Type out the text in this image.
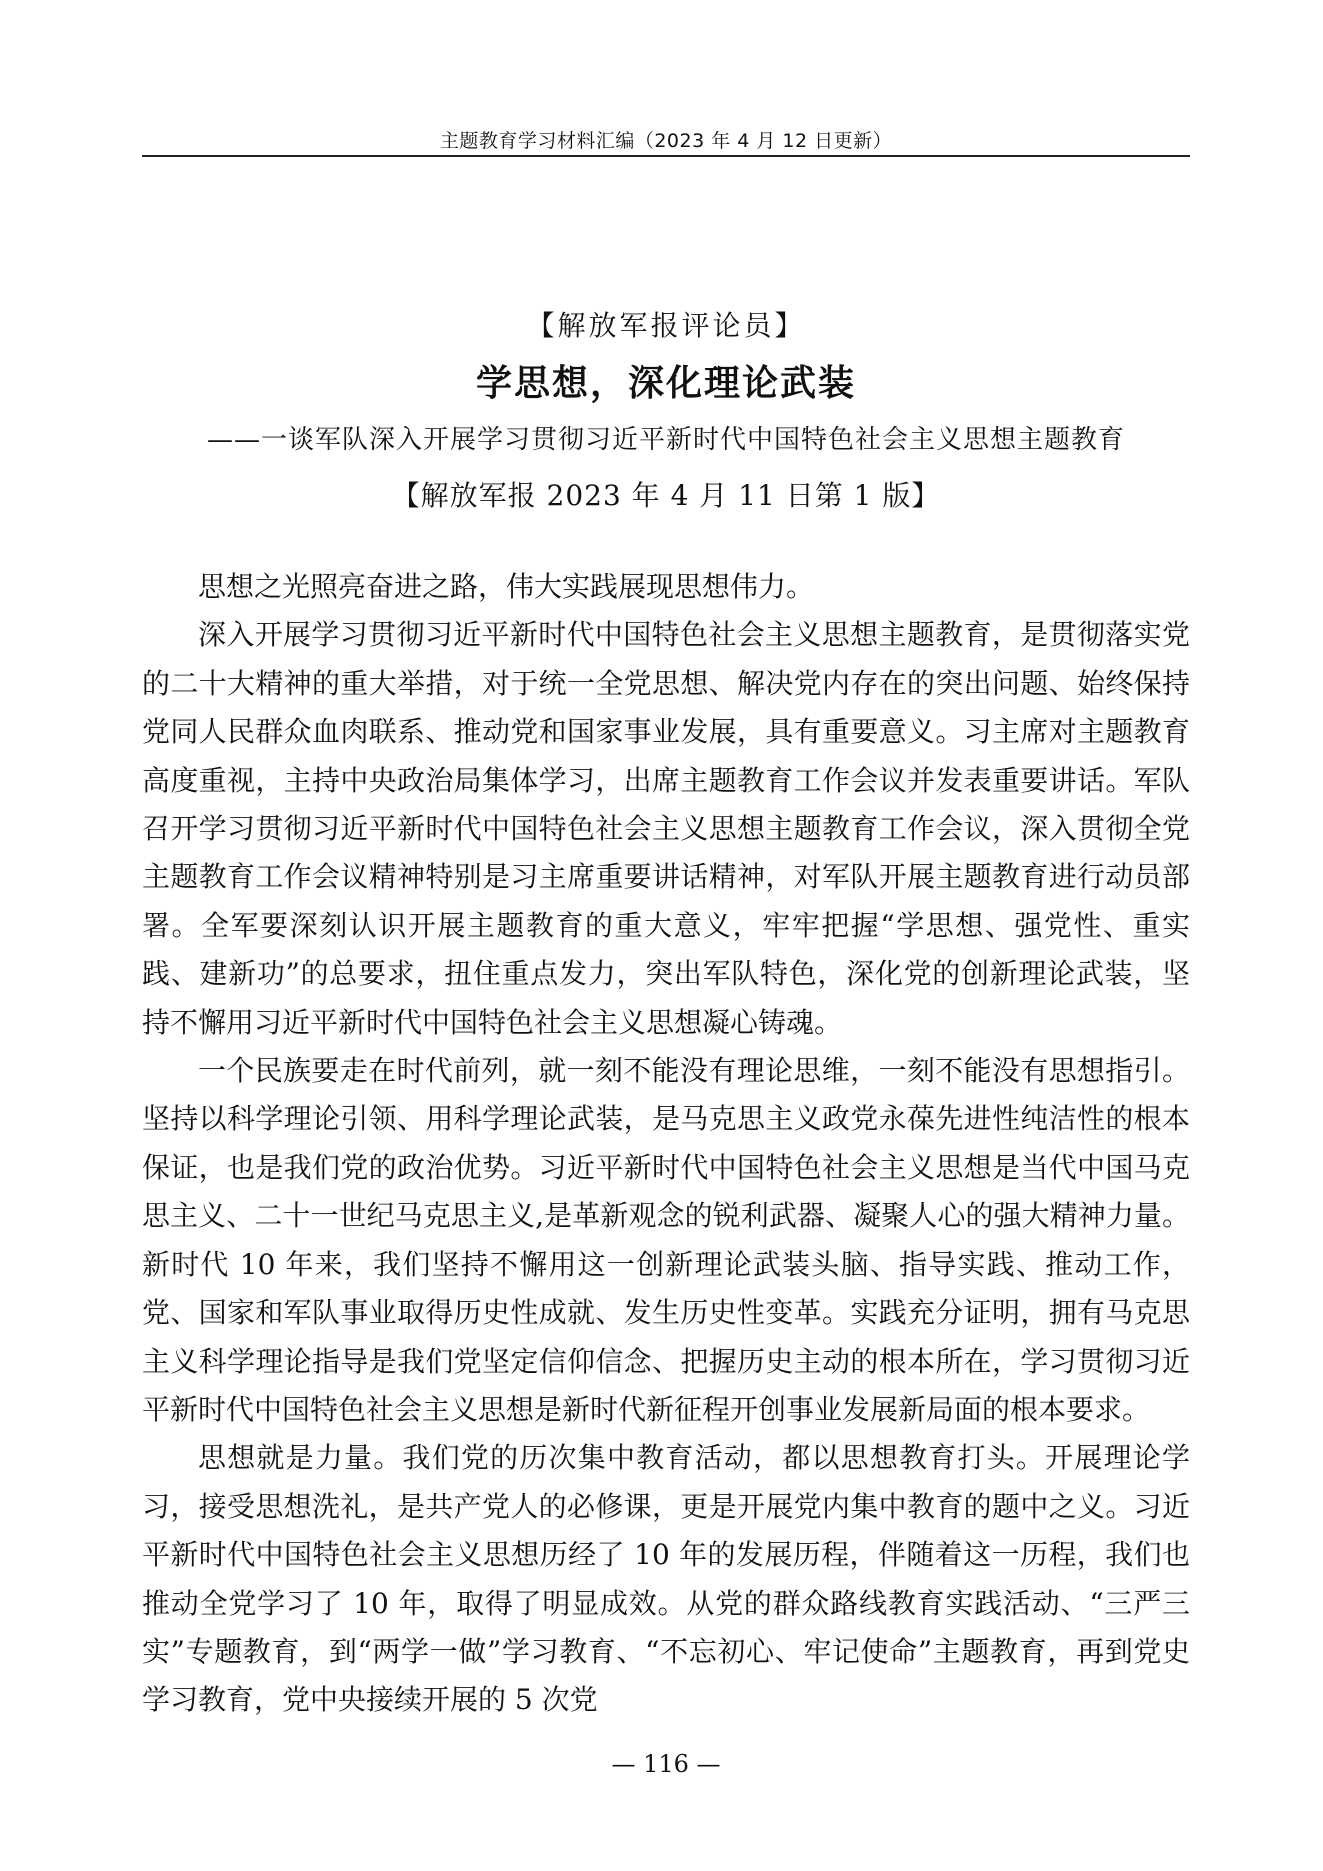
主题教育学习材料汇编（2023 年 4 月 12 日更新）
【解放军报评论员】
学思想，深化理论武装
——一谈军队深入开展学习贯彻习近平新时代中国特色社会主义思想主题教育
【解放军报 2023 年 4 月 11 日第 1 版】

思想之光照亮奋进之路，伟大实践展现思想伟力。

深入开展学习贯彻习近平新时代中国特色社会主义思想主题教育，是贯彻落实党的二十大精神的重大举措，对于统一全党思想、解决党内存在的突出问题、始终保持党同人民群众血肉联系、推动党和国家事业发展，具有重要意义。习主席对主题教育高度重视，主持中央政治局集体学习，出席主题教育工作会议并发表重要讲话。军队召开学习贯彻习近平新时代中国特色社会主义思想主题教育工作会议，深入贯彻全党主题教育工作会议精神特别是习主席重要讲话精神，对军队开展主题教育进行动员部署。全军要深刻认识开展主题教育的重大意义，牢牢把握“学思想、强党性、重实践、建新功”的总要求，扭住重点发力，突出军队特色，深化党的创新理论武装，坚持不懈用习近平新时代中国特色社会主义思想凝心铸魂。

一个民族要走在时代前列，就一刻不能没有理论思维，一刻不能没有思想指引。坚持以科学理论引领、用科学理论武装，是马克思主义政党永葆先进性纯洁性的根本保证，也是我们党的政治优势。习近平新时代中国特色社会主义思想是当代中国马克思主义、二十一世纪马克思主义,是革新观念的锐利武器、凝聚人心的强大精神力量。新时代 10 年来，我们坚持不懈用这一创新理论武装头脑、指导实践、推动工作，党、国家和军队事业取得历史性成就、发生历史性变革。实践充分证明，拥有马克思主义科学理论指导是我们党坚定信仰信念、把握历史主动的根本所在，学习贯彻习近平新时代中国特色社会主义思想是新时代新征程开创事业发展新局面的根本要求。

思想就是力量。我们党的历次集中教育活动，都以思想教育打头。开展理论学习，接受思想洗礼，是共产党人的必修课，更是开展党内集中教育的题中之义。习近平新时代中国特色社会主义思想历经了 10 年的发展历程，伴随着这一历程，我们也推动全党学习了 10 年，取得了明显成效。从党的群众路线教育实践活动、“三严三实”专题教育，到“两学一做”学习教育、“不忘初心、牢记使命”主题教育，再到党史学习教育，党中央接续开展的 5 次党

— 116 —
